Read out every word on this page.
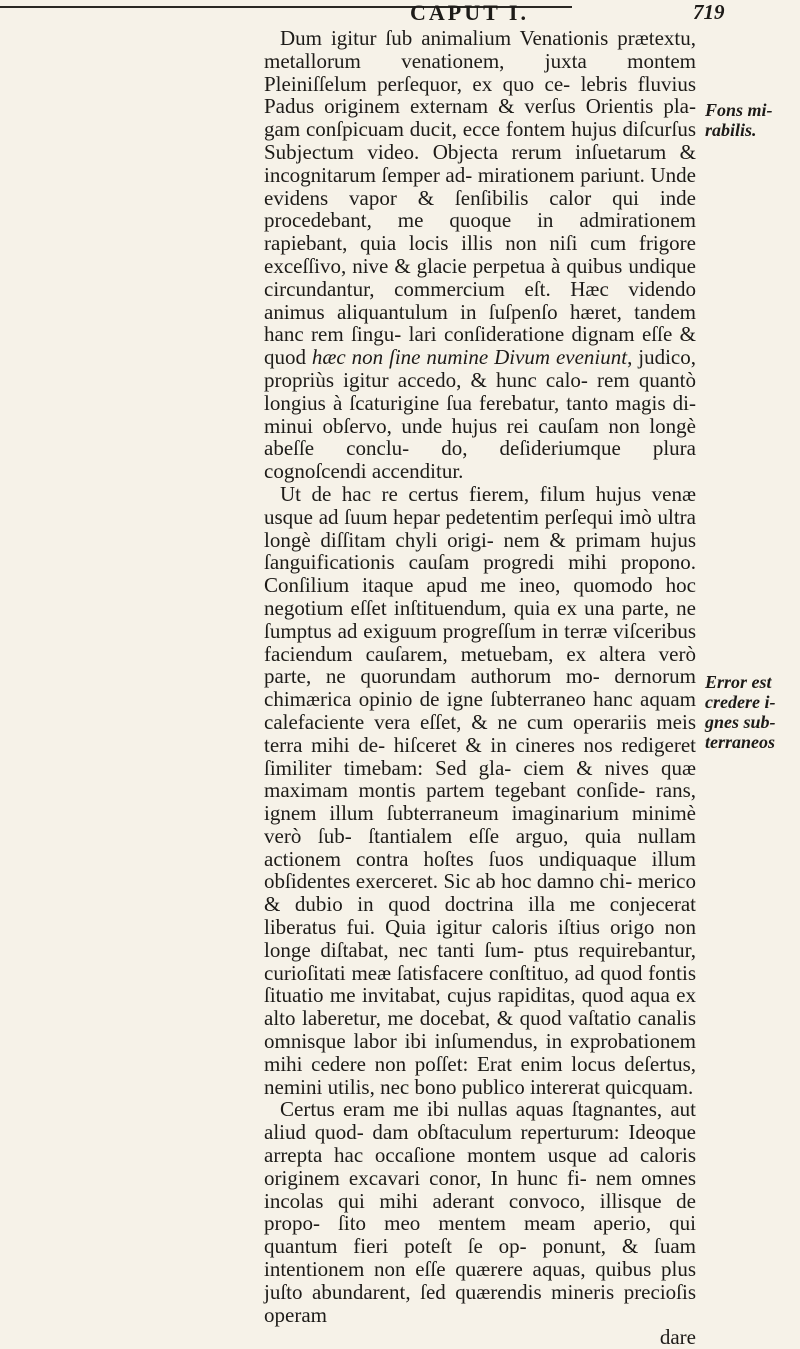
CAPUT I.	719

Dum igitur ſub animalium Venationis prætextu, metallorum venationem, juxta montem Pleiniſſelum perſequor, ex quo ce- lebris fluvius Padus originem externam & verſus Orientis pla- gam conſpicuam ducit, ecce fontem hujus diſcurſus Subjectum video. Objecta rerum inſuetarum & incognitarum ſemper ad- mirationem pariunt. Unde evidens vapor & ſenſibilis calor qui inde procedebant, me quoque in admirationem rapiebant, quia locis illis non niſi cum frigore exceſſivo, nive & glacie perpetua à quibus undique circundantur, commercium eſt. Hæc videndo animus aliquantulum in ſuſpenſo hæret, tandem hanc rem ſingu- lari conſideratione dignam eſſe & quod hæc non ſine numine Divum eveniunt, judico, propriùs igitur accedo, & hunc calo- rem quantò longius à ſcaturigine ſua ferebatur, tanto magis di- minui obſervo, unde hujus rei cauſam non longè abeſſe conclu- do, deſideriumque plura cognoſcendi accenditur.

Ut de hac re certus fierem, filum hujus venæ usque ad ſuum hepar pedetentim perſequi imò ultra longè diſſitam chyli origi- nem & primam hujus ſanguificationis cauſam progredi mihi propono. Conſilium itaque apud me ineo, quomodo hoc negotium eſſet inſtituendum, quia ex una parte, ne ſumptus ad exiguum progreſſum in terræ viſceribus faciendum cauſarem, metuebam, ex altera verò parte, ne quorundam authorum mo- dernorum chimærica opinio de igne ſubterraneo hanc aquam calefaciente vera eſſet, & ne cum operariis meis terra mihi de- hiſceret & in cineres nos redigeret ſimiliter timebam: Sed gla- ciem & nives quæ maximam montis partem tegebant conſide- rans, ignem illum ſubterraneum imaginarium minimè verò ſub- ſtantialem eſſe arguo, quia nullam actionem contra hoſtes ſuos undiquaque illum obſidentes exerceret. Sic ab hoc damno chi- merico & dubio in quod doctrina illa me conjecerat liberatus fui. Quia igitur caloris iſtius origo non longe diſtabat, nec tanti ſum- ptus requirebantur, curioſitati meæ ſatisfacere conſtituo, ad quod fontis ſituatio me invitabat, cujus rapiditas, quod aqua ex alto laberetur, me docebat, & quod vaſtatio canalis omnisque labor ibi inſumendus, in exprobationem mihi cedere non poſſet: Erat enim locus deſertus, nemini utilis, nec bono publico intererat quicquam.

Certus eram me ibi nullas aquas ſtagnantes, aut aliud quod- dam obſtaculum reperturum: Ideoque arrepta hac occaſione montem usque ad caloris originem excavari conor, In hunc fi- nem omnes incolas qui mihi aderant convoco, illisque de propo- ſito meo mentem meam aperio, qui quantum fieri poteſt ſe op- ponunt, & ſuam intentionem non eſſe quærere aquas, quibus plus juſto abundarent, ſed quærendis mineris precioſis operam

dare
Fons mi- rabilis.
Error est credere i- gnes sub- terraneos
